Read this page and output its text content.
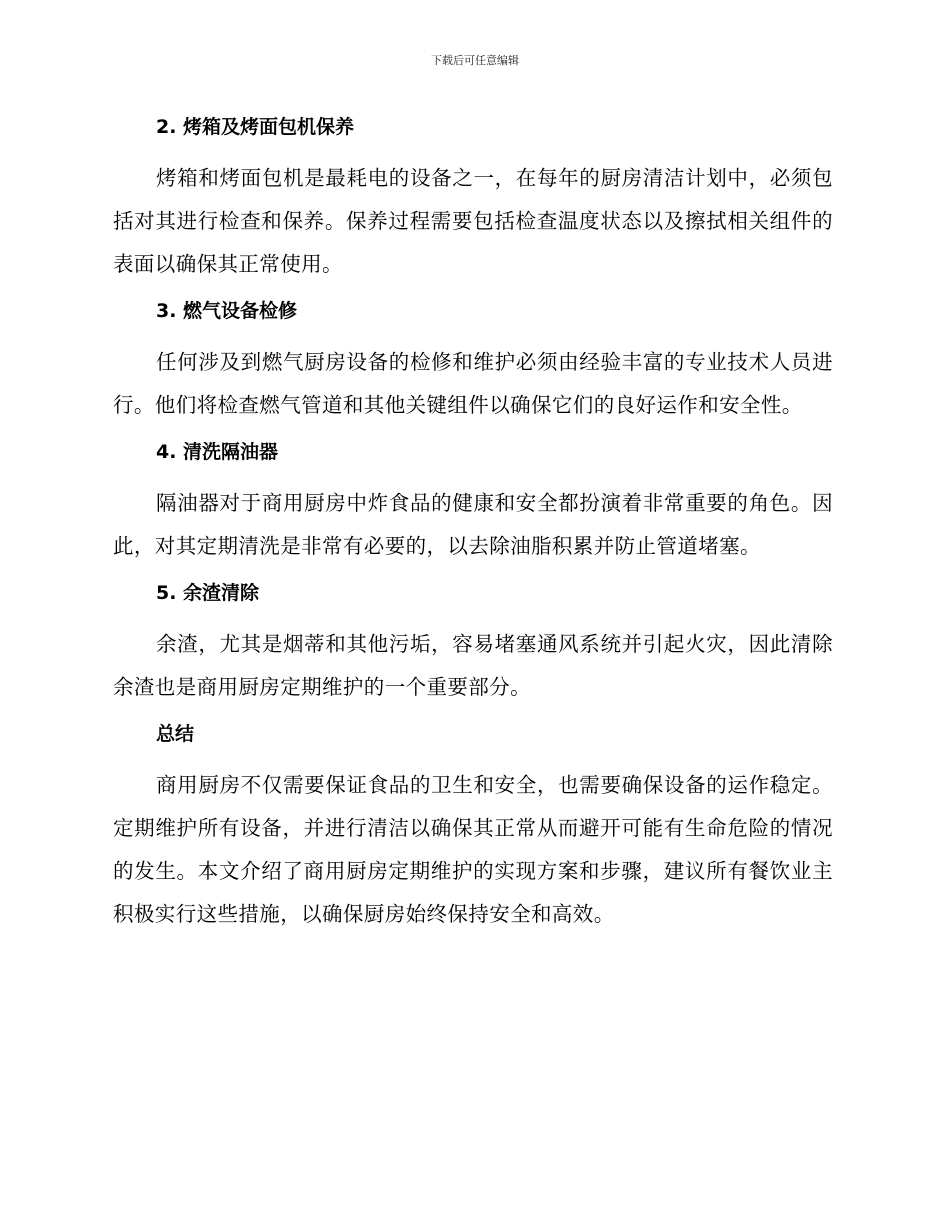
下载后可任意编辑
2. 烤箱及烤面包机保养

烤箱和烤面包机是最耗电的设备之一，在每年的厨房清洁计划中，必须包括对其进行检查和保养。保养过程需要包括检查温度状态以及擦拭相关组件的表面以确保其正常使用。

3. 燃气设备检修

任何涉及到燃气厨房设备的检修和维护必须由经验丰富的专业技术人员进行。他们将检查燃气管道和其他关键组件以确保它们的良好运作和安全性。

4. 清洗隔油器

隔油器对于商用厨房中炸食品的健康和安全都扮演着非常重要的角色。因此，对其定期清洗是非常有必要的，以去除油脂积累并防止管道堵塞。

5. 余渣清除

余渣，尤其是烟蒂和其他污垢，容易堵塞通风系统并引起火灾，因此清除余渣也是商用厨房定期维护的一个重要部分。

总结

商用厨房不仅需要保证食品的卫生和安全，也需要确保设备的运作稳定。定期维护所有设备，并进行清洁以确保其正常从而避开可能有生命危险的情况的发生。本文介绍了商用厨房定期维护的实现方案和步骤，建议所有餐饮业主积极实行这些措施，以确保厨房始终保持安全和高效。
